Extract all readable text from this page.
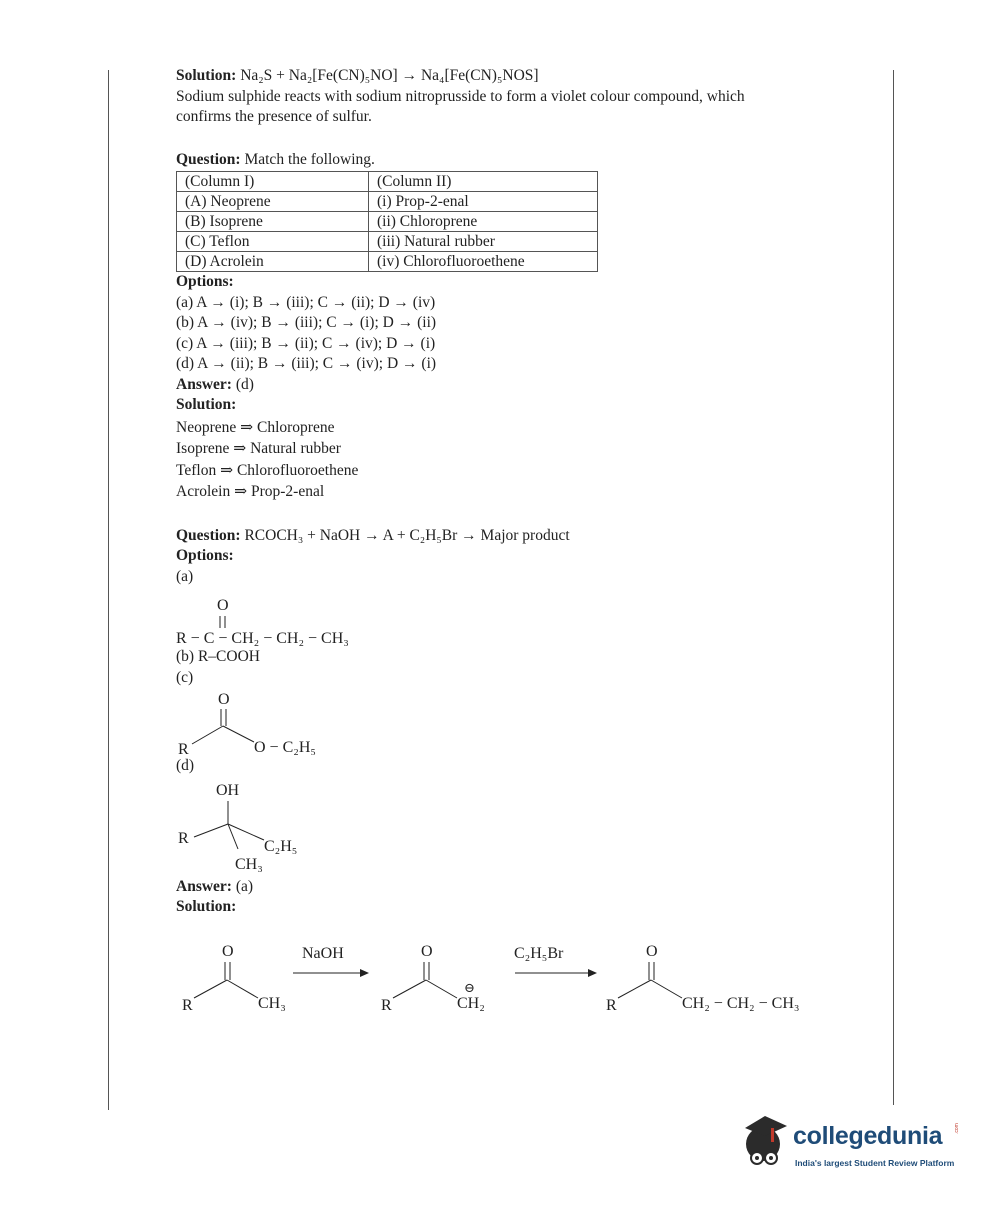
Solution: Na₂S + Na₂[Fe(CN)₅NO] → Na₄[Fe(CN)₅NOS]
Sodium sulphide reacts with sodium nitroprusside to form a violet colour compound, which
confirms the presence of sulfur.
Question: Match the following.
(Column I)	(Column II)
(A) Neoprene	(i) Prop-2-enal
(B) Isoprene	(ii) Chloroprene
(C) Teflon	(iii) Natural rubber
(D) Acrolein	(iv) Chlorofluoroethene
Options:
(a) A → (i); B → (iii); C → (ii); D → (iv)
(b) A → (iv); B → (iii); C → (i); D → (ii)
(c) A → (iii); B → (ii); C → (iv); D → (i)
(d) A → (ii); B → (iii); C → (iv); D → (i)
Answer: (d)
Solution:
Neoprene ⇒ Chloroprene
Isoprene ⇒ Natural rubber
Teflon ⇒ Chlorofluoroethene
Acrolein ⇒ Prop-2-enal
Question: RCOCH₃ + NaOH → A + C₂H₅Br → Major product
Options:
(a)
O
R − C − CH₂ − CH₂ − CH₃
(b) R–COOH
(c)
O
R	O − C₂H₅
(d)
OH
R	C₂H₅
CH₃
Answer: (a)
Solution:
O
R	CH₃
NaOH	O
R
⊖
CH₂
C₂H₅Br	O
R	CH₂ − CH₂ − CH₃
collegedunia .com
India's largest Student Review Platform
